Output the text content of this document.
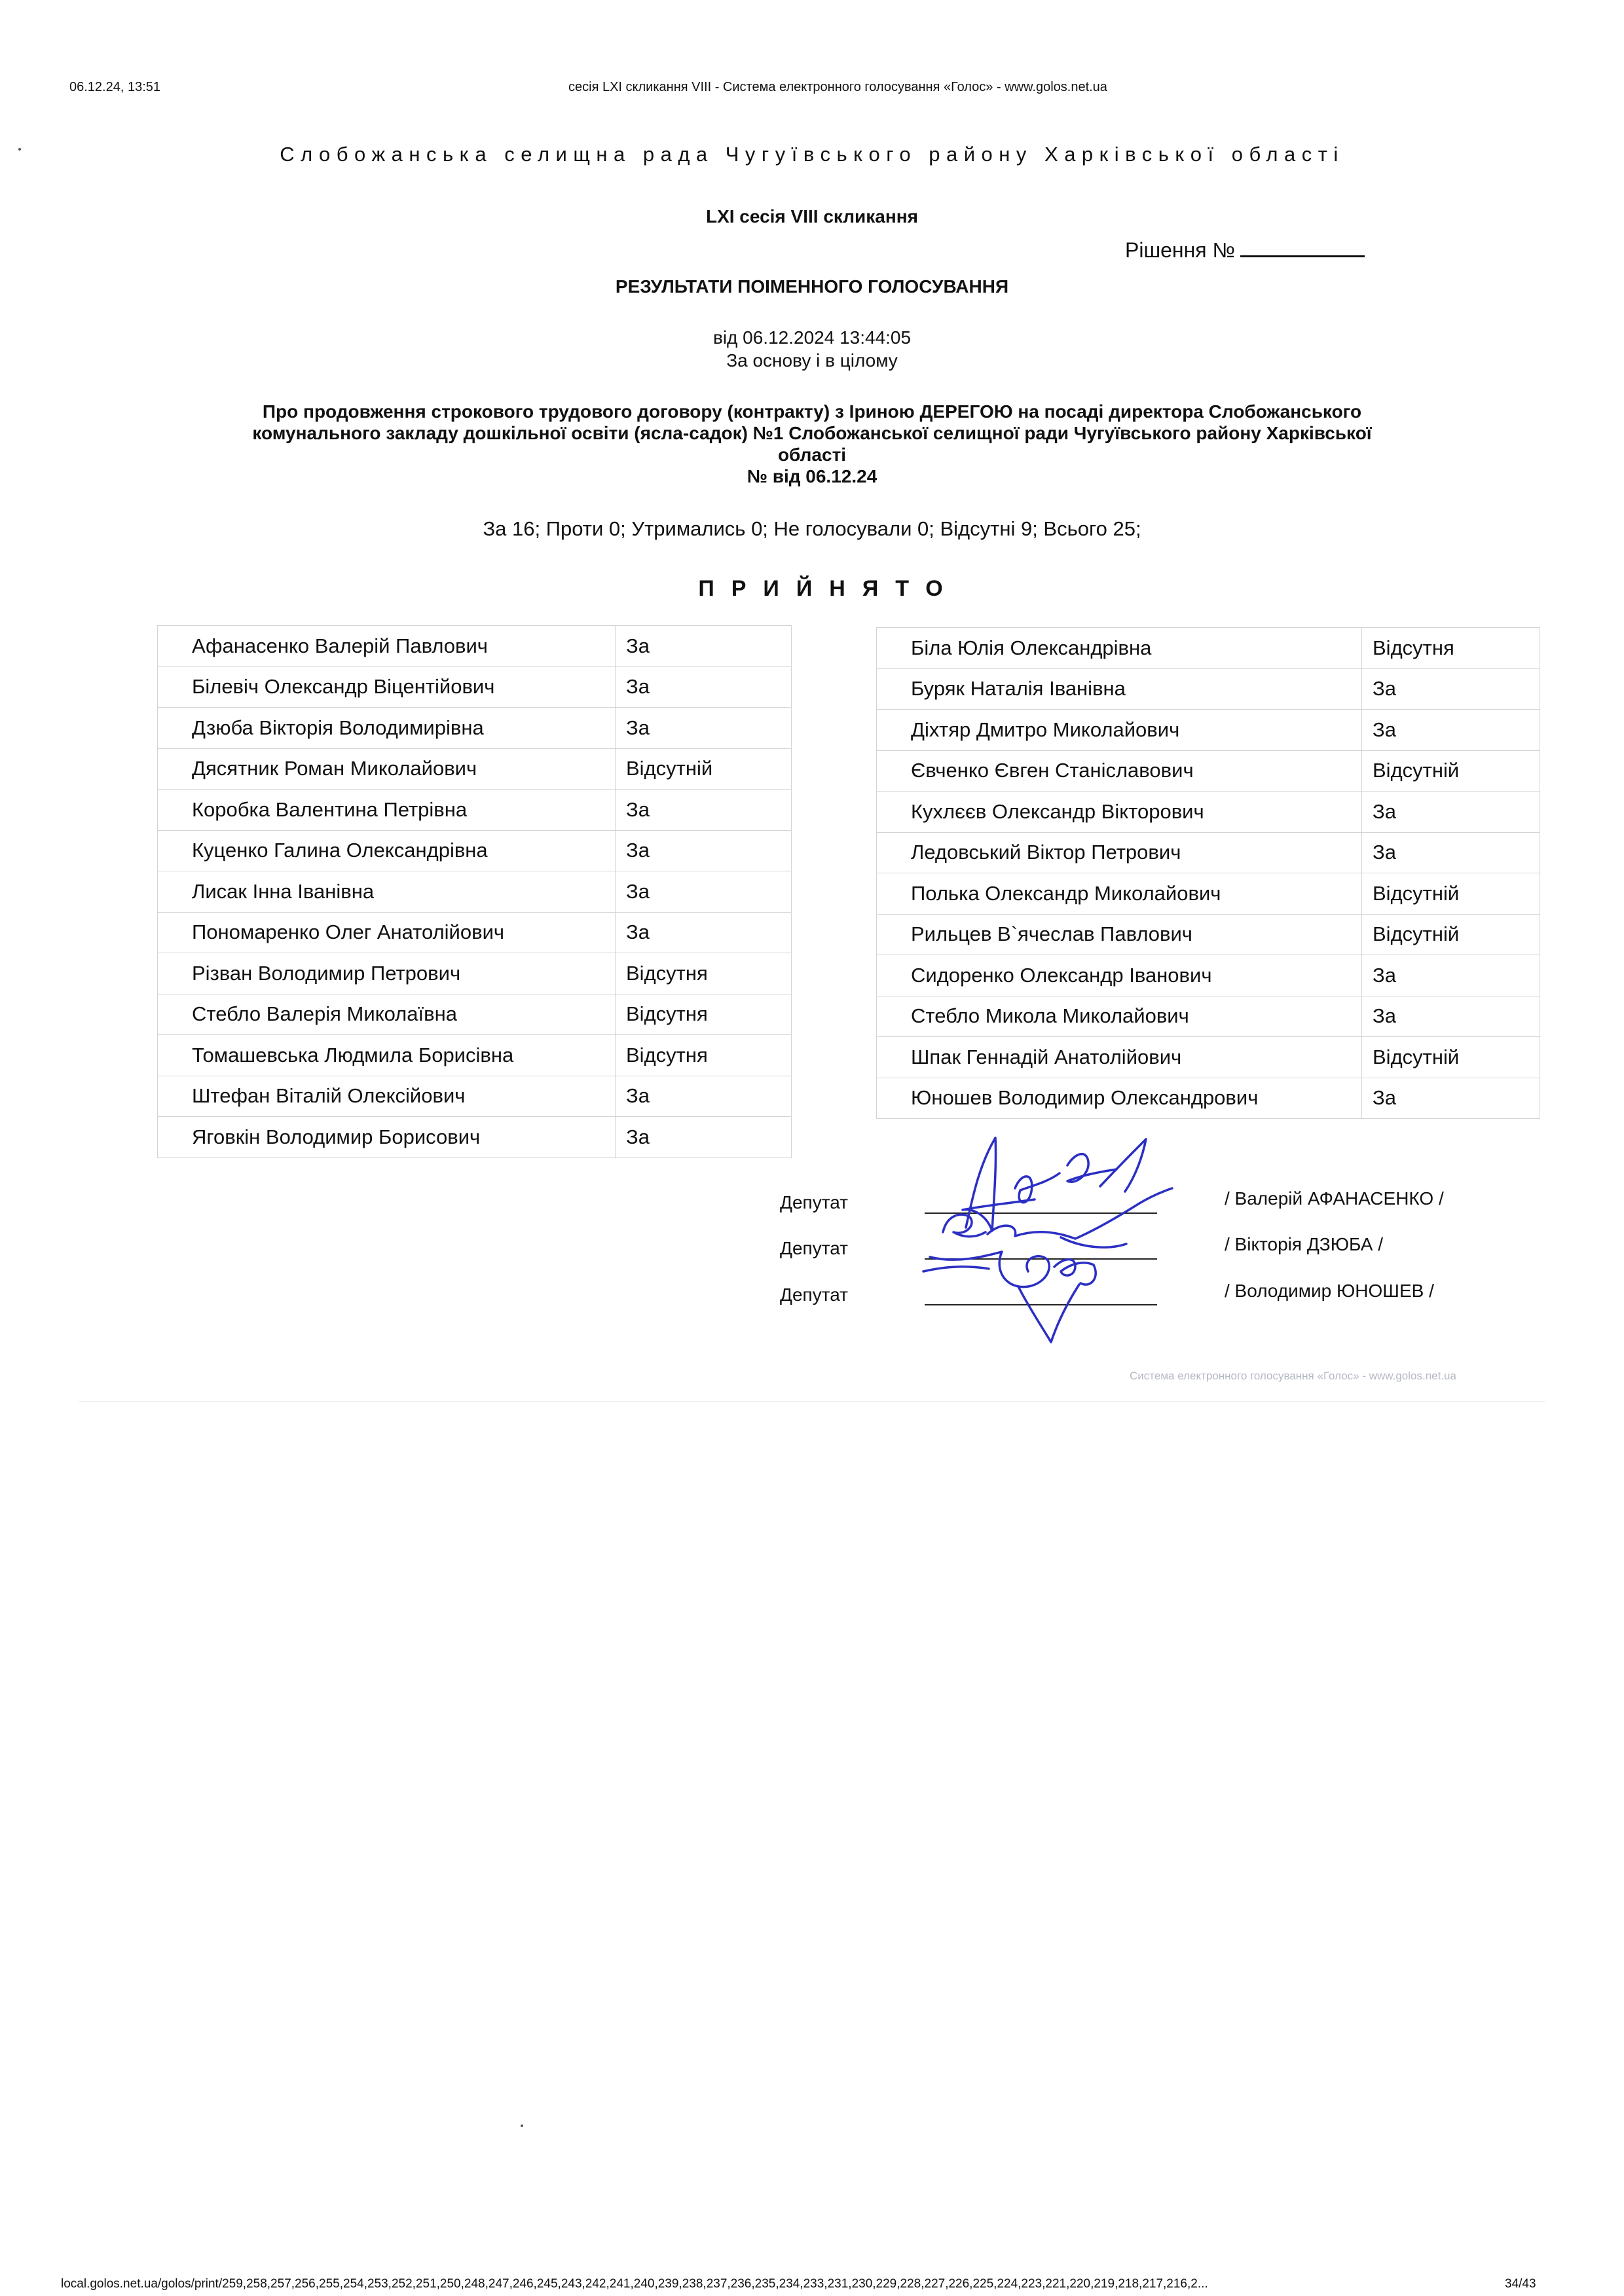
06.12.24, 13:51	сесія LXI скликання VIII - Система електронного голосування «Голос» - www.golos.net.ua
Слобожанська селищна рада Чугуївського району Харківської області
LXI сесія VIII скликання
Рішення №
РЕЗУЛЬТАТИ ПОІМЕННОГО ГОЛОСУВАННЯ
від 06.12.2024 13:44:05
За основу і в цілому
Про продовження строкового трудового договору (контракту) з Іриною ДЕРЕГОЮ на посаді директора Слобожанського
комунального закладу дошкільної освіти (ясла-садок) №1 Слобожанської селищної ради Чугуївського району Харківської
області
№ від 06.12.24
За 16; Проти 0; Утримались 0; Не голосували 0; Відсутні 9; Всього 25;
ПРИЙНЯТО
Афанасенко Валерій Павлович	За
Білевіч Олександр Віцентійович	За
Дзюба Вікторія Володимирівна	За
Дясятник Роман Миколайович	Відсутній
Коробка Валентина Петрівна	За
Куценко Галина Олександрівна	За
Лисак Інна Іванівна	За
Пономаренко Олег Анатолійович	За
Різван Володимир Петрович	Відсутня
Стебло Валерія Миколаївна	Відсутня
Томашевська Людмила Борисівна	Відсутня
Штефан Віталій Олексійович	За
Яговкін Володимир Борисович	За
Біла Юлія Олександрівна	Відсутня
Буряк Наталія Іванівна	За
Діхтяр Дмитро Миколайович	За
Євченко Євген Станіславович	Відсутній
Кухлєєв Олександр Вікторович	За
Ледовський Віктор Петрович	За
Полька Олександр Миколайович	Відсутній
Рильцев В`ячеслав Павлович	Відсутній
Сидоренко Олександр Іванович	За
Стебло Микола Миколайович	За
Шпак Геннадій Анатолійович	Відсутній
Юношев Володимир Олександрович	За
Депутат
Депутат
Депутат
/ Валерій АФАНАСЕНКО /
/ Вікторія ДЗЮБА /
/ Володимир ЮНОШЕВ /
Система електронного голосування «Голос» - www.golos.net.ua
local.golos.net.ua/golos/print/259,258,257,256,255,254,253,252,251,250,248,247,246,245,243,242,241,240,239,238,237,236,235,234,233,231,230,229,228,227,226,225,224,223,221,220,219,218,217,216,2...	34/43
